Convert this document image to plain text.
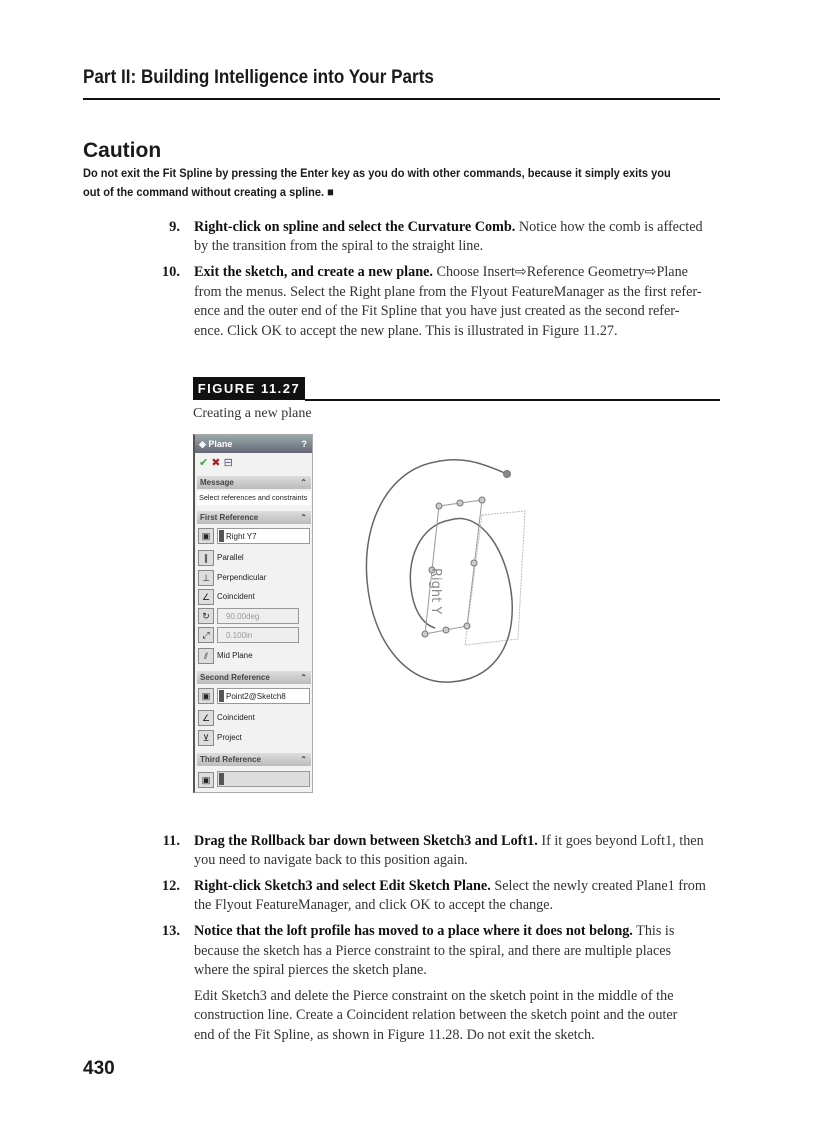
Part II: Building Intelligence into Your Parts
Caution
Do not exit the Fit Spline by pressing the Enter key as you do with other commands, because it simply exits you
out of the command without creating a spline. ■
9. Right-click on spline and select the Curvature Comb. Notice how the comb is affected
by the transition from the spiral to the straight line.
10. Exit the sketch, and create a new plane. Choose Insert⇨Reference Geometry⇨Plane
from the menus. Select the Right plane from the Flyout FeatureManager as the first refer-
ence and the outer end of the Fit Spline that you have just created as the second refer-
ence. Click OK to accept the new plane. This is illustrated in Figure 11.27.
FIGURE 11.27
Creating a new plane
◈ Plane	?
✔ ✖ ⊟
Message	⌃
Select references and constraints
First Reference	⌃
▣	Right Y7
∥ Parallel
⊥ Perpendicular
∠ Coincident
↻	90.00deg
⤢	0.100in
⫽ Mid Plane
Second Reference	⌃
▣	Point2@Sketch8
∠ Coincident
⊻ Project
Third Reference	⌃
▣
Right Y
11. Drag the Rollback bar down between Sketch3 and Loft1. If it goes beyond Loft1, then
you need to navigate back to this position again.
12. Right-click Sketch3 and select Edit Sketch Plane. Select the newly created Plane1 from
the Flyout FeatureManager, and click OK to accept the change.
13. Notice that the loft profile has moved to a place where it does not belong. This is
because the sketch has a Pierce constraint to the spiral, and there are multiple places
where the spiral pierces the sketch plane.
Edit Sketch3 and delete the Pierce constraint on the sketch point in the middle of the
construction line. Create a Coincident relation between the sketch point and the outer
end of the Fit Spline, as shown in Figure 11.28. Do not exit the sketch.
430
